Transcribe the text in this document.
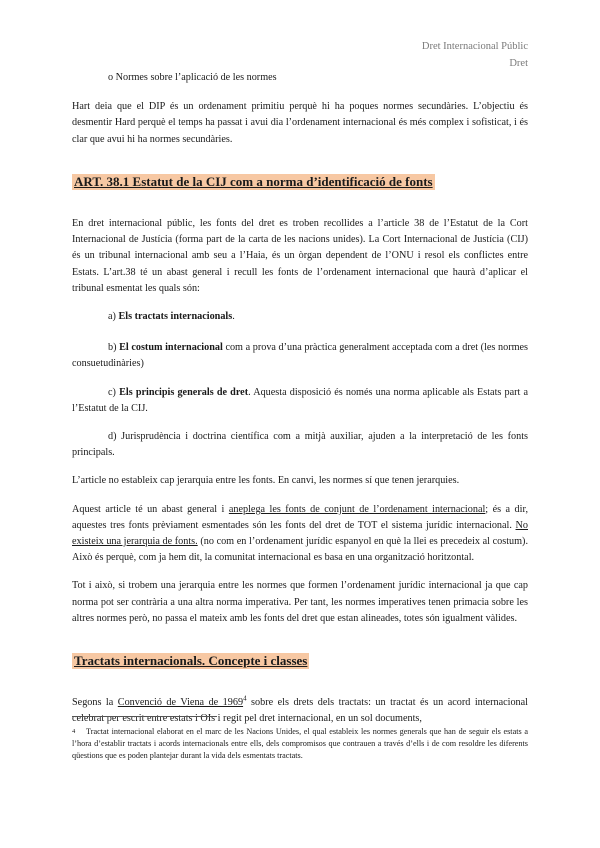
Dret Internacional Públic
Dret

o Normes sobre l’aplicació de les normes

Hart deia que el DIP és un ordenament primitiu perquè hi ha poques normes secundàries. L’objectiu és desmentir Hard perquè el temps ha passat i avui dia l’ordenament internacional és més complex i sofisticat, i és clar que avui hi ha normes secundàries.

ART. 38.1 Estatut de la CIJ com a norma d’identificació de fonts

En dret internacional públic, les fonts del dret es troben recollides a l’article 38 de l’Estatut de la Cort Internacional de Justícia (forma part de la carta de les nacions unides). La Cort Internacional de Justícia (CIJ) és un tribunal internacional amb seu a l’Haia, és un òrgan dependent de l’ONU i resol els conflictes entre Estats. L’art.38 té un abast general i recull les fonts de l’ordenament internacional que haurà d’aplicar el tribunal esmentat les quals són:

a) Els tractats internacionals.

b) El costum internacional com a prova d’una pràctica generalment acceptada com a dret (les normes consuetudinàries)

c) Els principis generals de dret. Aquesta disposició és només una norma aplicable als Estats part a l’Estatut de la CIJ.

d) Jurisprudència i doctrina científica com a mitjà auxiliar, ajuden a la interpretació de les fonts principals.

L’article no estableix cap jerarquia entre les fonts. En canvi, les normes sí que tenen jerarquies.

Aquest article té un abast general i aneplega les fonts de conjunt de l’ordenament internacional; és a dir, aquestes tres fonts prèviament esmentades són les fonts del dret de TOT el sistema jurídic internacional. No existeix una jerarquia de fonts. (no com en l’ordenament jurídic espanyol en què la llei es precedeix al costum). Això és perquè, com ja hem dit, la comunitat internacional es basa en una organització horitzontal.

Tot i això, si trobem una jerarquia entre les normes que formen l’ordenament jurídic internacional ja que cap norma pot ser contrària a una altra norma imperativa. Per tant, les normes imperatives tenen primacia sobre les altres normes però, no passa el mateix amb les fonts del dret que estan alineades, totes són igualment vàlides.

Tractats internacionals. Concepte i classes

Segons la Convenció de Viena de 1969$^4$ sobre els drets dels tractats: un tractat és un acord internacional celebrat per escrit entre estats i OIs i regit pel dret internacional, en un sol documents,

4 Tractat internacional elaborat en el marc de les Nacions Unides, el qual estableix les normes generals que han de seguir els estats a l’hora d’establir tractats i acords internacionals entre ells, dels compromisos que contrauen a través d’ells i de com resoldre les diferents qüestions que es poden plantejar durant la vida dels esmentats tractats.
